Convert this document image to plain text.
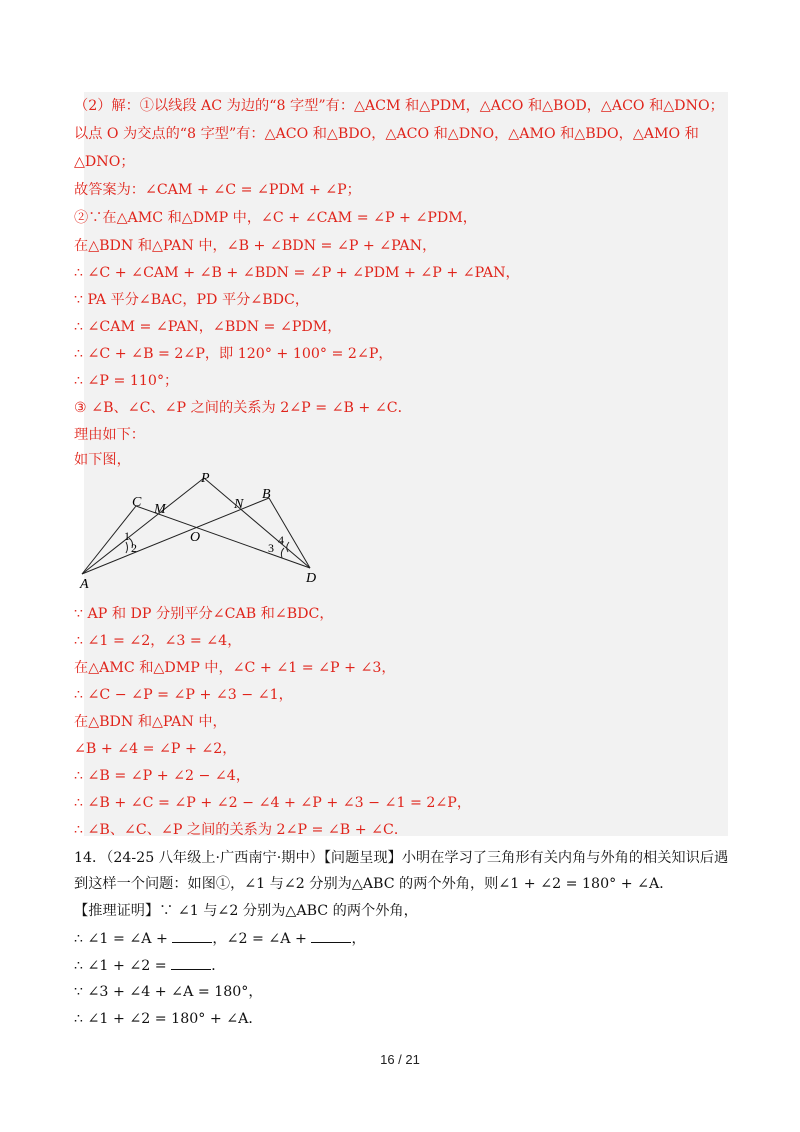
（2）解：①以线段 AC 为边的“8 字型”有：△ACM 和△PDM，△ACO 和△BOD，△ACO 和△DNO；
以点 O 为交点的“8 字型”有：△ACO 和△BDO，△ACO 和△DNO，△AMO 和△BDO，△AMO 和
△DNO；
故答案为：∠CAM + ∠C = ∠PDM + ∠P；
②∵在△AMC 和△DMP 中，∠C + ∠CAM = ∠P + ∠PDM，
在△BDN 和△PAN 中，∠B + ∠BDN = ∠P + ∠PAN，
∴ ∠C + ∠CAM + ∠B + ∠BDN = ∠P + ∠PDM + ∠P + ∠PAN，
∵ PA 平分∠BAC，PD 平分∠BDC，
∴ ∠CAM = ∠PAN，∠BDN = ∠PDM，
∴ ∠C + ∠B = 2∠P，即 120° + 100° = 2∠P，
∴ ∠P = 110°；
③ ∠B、∠C、∠P 之间的关系为 2∠P = ∠B + ∠C．
理由如下：
如下图，
P
C M	N
B
O
A	D
1
2	3
4
∵ AP 和 DP 分别平分∠CAB 和∠BDC，
∴ ∠1 = ∠2，∠3 = ∠4，
在△AMC 和△DMP 中，∠C + ∠1 = ∠P + ∠3，
∴ ∠C − ∠P = ∠P + ∠3 − ∠1，
在△BDN 和△PAN 中，
∠B + ∠4 = ∠P + ∠2，
∴ ∠B = ∠P + ∠2 − ∠4，
∴ ∠B + ∠C = ∠P + ∠2 − ∠4 + ∠P + ∠3 − ∠1 = 2∠P，
∴ ∠B、∠C、∠P 之间的关系为 2∠P = ∠B + ∠C．
14．（24-25 八年级上·广西南宁·期中）【问题呈现】小明在学习了三角形有关内角与外角的相关知识后遇
到这样一个问题：如图①，∠1 与∠2 分别为△ABC 的两个外角，则∠1 + ∠2 = 180° + ∠A．
【推理证明】∵ ∠1 与∠2 分别为△ABC 的两个外角，
∴ ∠1 = ∠A +	，∠2 = ∠A +	，
∴ ∠1 + ∠2 =	．
∵ ∠3 + ∠4 + ∠A = 180°，
∴ ∠1 + ∠2 = 180° + ∠A．
16 / 21
